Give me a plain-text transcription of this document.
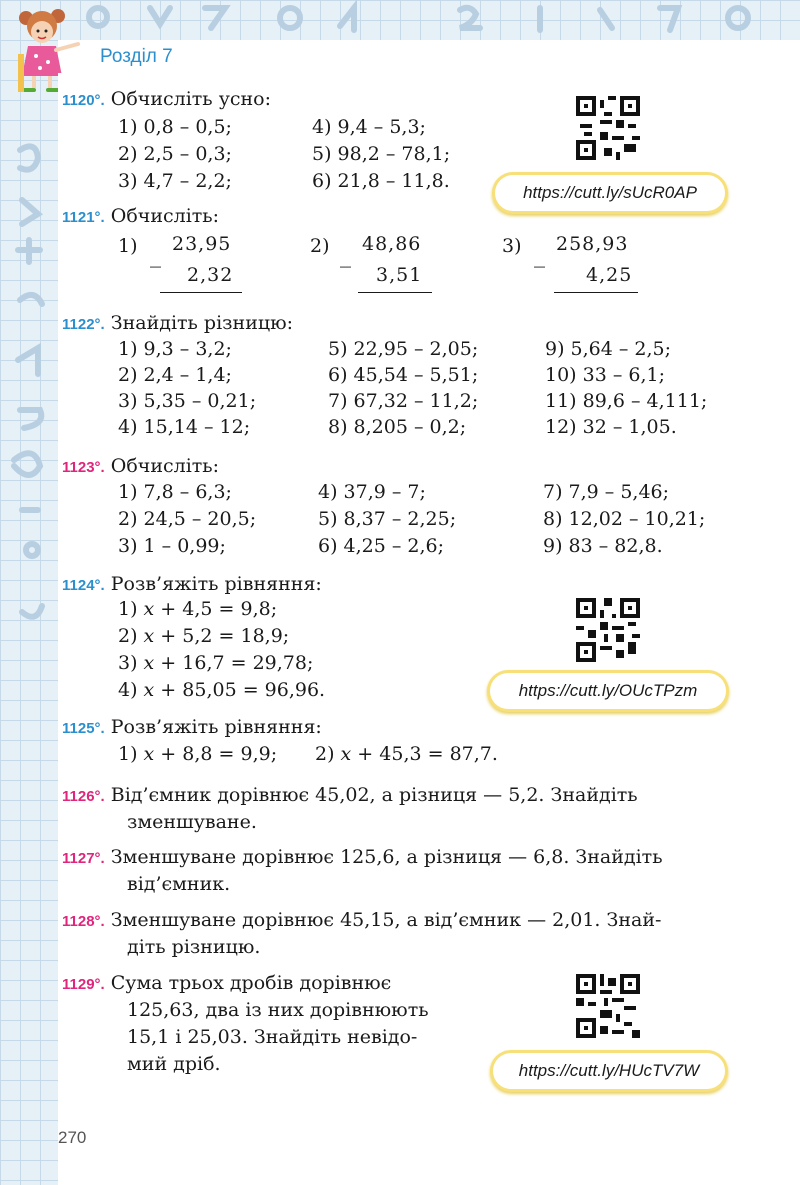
Розділ 7
1120°. Обчисліть усно:
1) 0,8 – 0,5;	4) 9,4 – 5,3;
2) 2,5 – 0,3;	5) 98,2 – 78,1;
3) 4,7 – 2,2;	6) 21,8 – 11,8.
https://cutt.ly/sUcR0AP
1121°. Обчисліть:
1) _ 23,95
2,32
2) _ 48,86
3,51
3) _ 258,93
4,25
1122°. Знайдіть різницю:
1) 9,3 – 3,2;	5) 22,95 – 2,05;	9) 5,64 – 2,5;
2) 2,4 – 1,4;	6) 45,54 – 5,51;	10) 33 – 6,1;
3) 5,35 – 0,21;	7) 67,32 – 11,2;	11) 89,6 – 4,111;
4) 15,14 – 12;	8) 8,205 – 0,2;	12) 32 – 1,05.
1123°. Обчисліть:
1) 7,8 – 6,3;	4) 37,9 – 7;	7) 7,9 – 5,46;
2) 24,5 – 20,5;	5) 8,37 – 2,25;	8) 12,02 – 10,21;
3) 1 – 0,99;	6) 4,25 – 2,6;	9) 83 – 82,8.
1124°. Розв’яжіть рівняння:
1) x + 4,5 = 9,8;
2) x + 5,2 = 18,9;
3) x + 16,7 = 29,78;
4) x + 85,05 = 96,96.	https://cutt.ly/OUcTPzm
1125°. Розв’яжіть рівняння:
1) x + 8,8 = 9,9; 2) x + 45,3 = 87,7.
1126°. Від’ємник дорівнює 45,02, а різниця — 5,2. Знайдіть
зменшуване.
1127°. Зменшуване дорівнює 125,6, а різниця — 6,8. Знайдіть
від’ємник.
1128°. Зменшуване дорівнює 45,15, а від’ємник — 2,01. Знай-
діть різницю.
1129°. Сума трьох дробів дорівнює
125,63, два із них дорівнюють
15,1 і 25,03. Знайдіть невідо-
мий дріб.	https://cutt.ly/HUcTV7W
270
